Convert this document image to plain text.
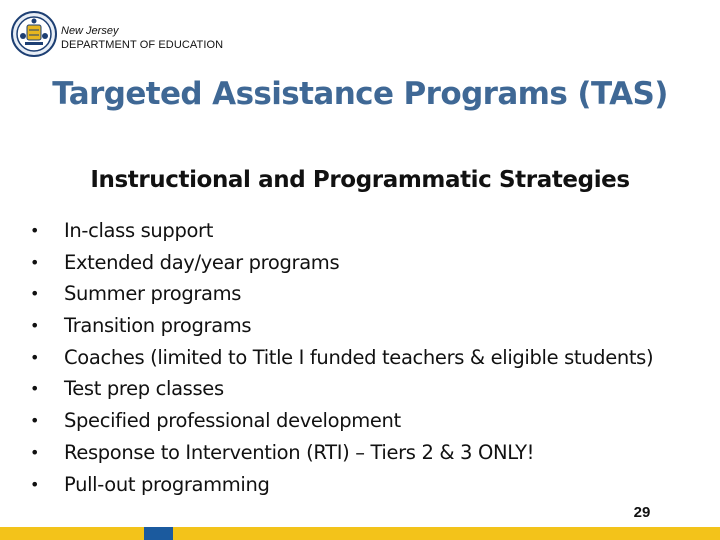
New Jersey
DEPARTMENT OF EDUCATION
Targeted Assistance Programs (TAS)
Instructional and Programmatic Strategies
• In-class support
• Extended day/year programs
• Summer programs
• Transition programs
• Coaches (limited to Title I funded teachers & eligible students)
• Test prep classes
• Specified professional development
• Response to Intervention (RTI) – Tiers 2 & 3 ONLY!
• Pull-out programming
29
